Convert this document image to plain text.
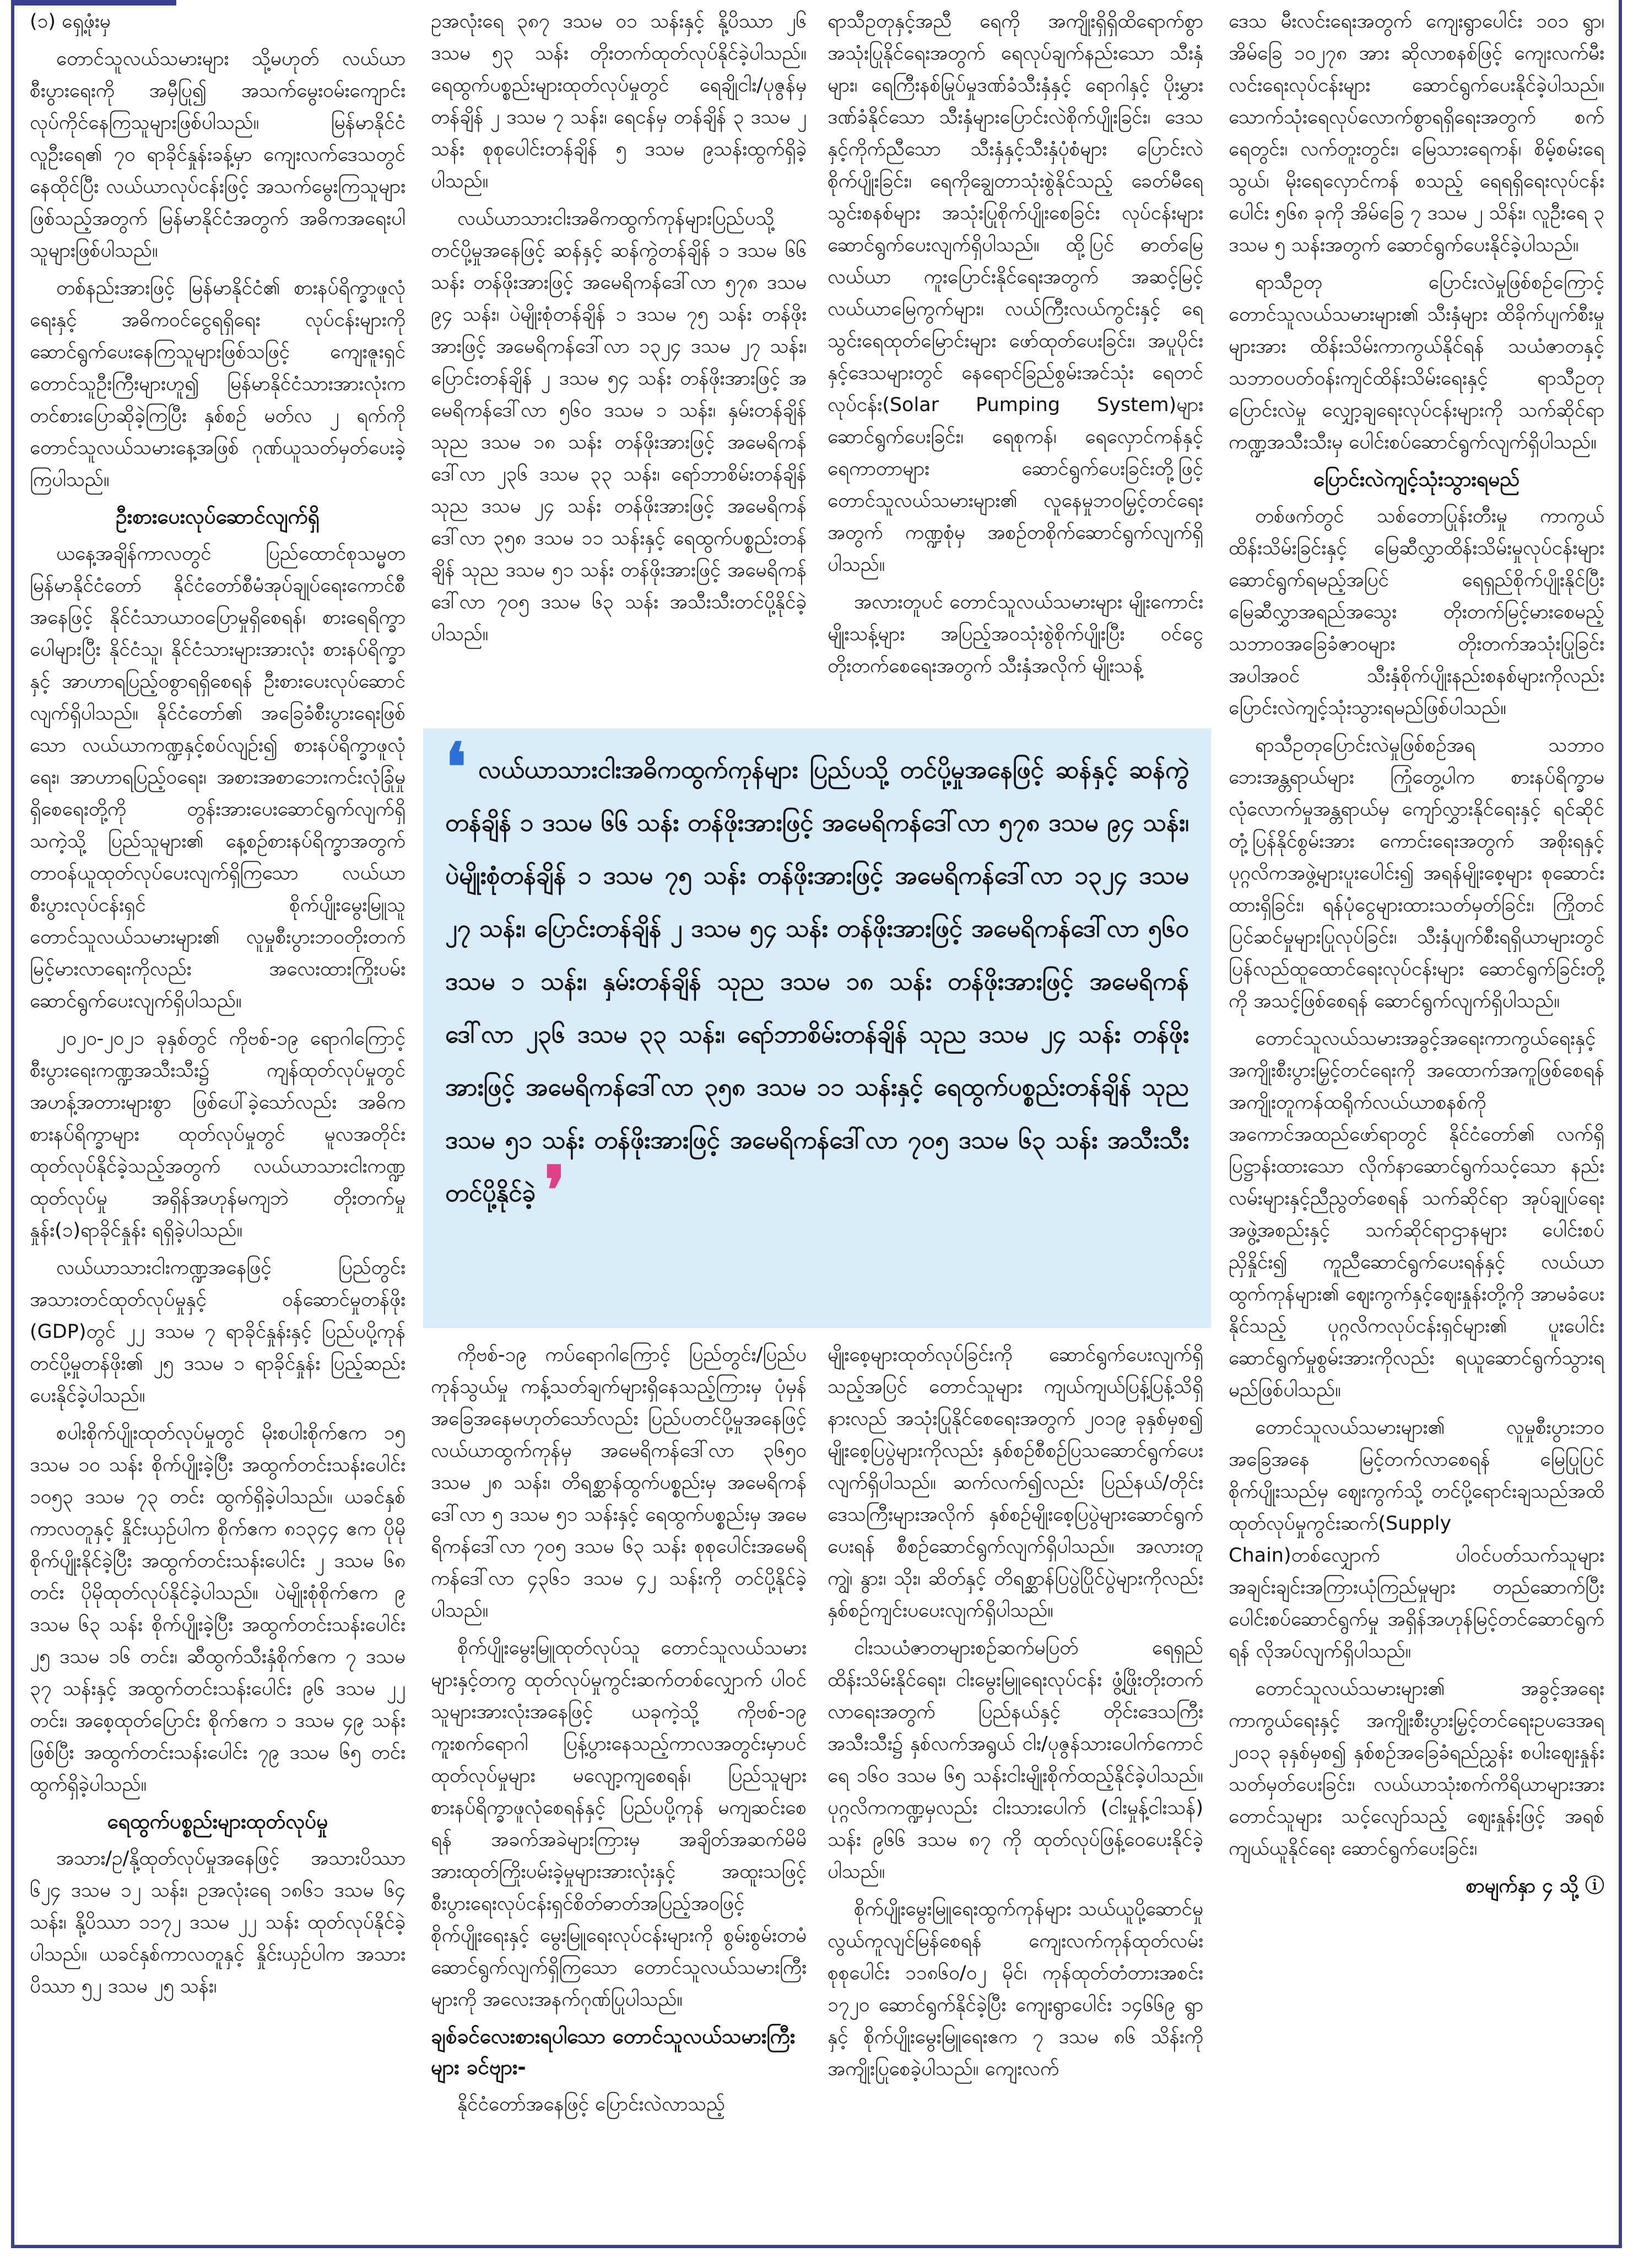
(၁) ရှေ့ဖုံးမှ

တောင်သူလယ်သမားများ သို့မဟုတ် လယ်ယာစီးပွားရေးကို အမှီပြု၍ အသက်မွေးဝမ်းကျောင်းလုပ်ကိုင်နေကြသူများဖြစ်ပါသည်။ မြန်မာနိုင်ငံလူဦးရေ၏ ၇၀ ရာခိုင်နှုန်းခန့်မှာ ကျေးလက်ဒေသတွင် နေထိုင်ပြီး လယ်ယာလုပ်ငန်းဖြင့် အသက်မွေးကြသူများဖြစ်သည့်အတွက် မြန်မာနိုင်ငံအတွက် အဓိကအရေးပါသူများဖြစ်ပါသည်။

တစ်နည်းအားဖြင့် မြန်မာနိုင်ငံ၏ စားနပ်ရိက္ခာဖူလုံရေးနှင့် အဓိကဝင်ငွေရရှိရေး လုပ်ငန်းများကို ဆောင်ရွက်ပေးနေကြသူများဖြစ်သဖြင့် ကျေးဇူးရှင် တောင်သူဦးကြီးများဟူ၍ မြန်မာနိုင်ငံသားအားလုံးက တင်စားပြောဆိုခဲ့ကြပြီး နှစ်စဉ် မတ်လ ၂ ရက်ကို တောင်သူလယ်သမားနေ့အဖြစ် ဂုဏ်ယူသတ်မှတ်ပေးခဲ့ကြပါသည်။

ဦးစားပေးလုပ်ဆောင်လျက်ရှိ

ယနေ့အချိန်ကာလတွင် ပြည်ထောင်စုသမ္မတမြန်မာနိုင်ငံတော် နိုင်ငံတော်စီမံအုပ်ချုပ်ရေးကောင်စီအနေဖြင့် နိုင်ငံသာယာဝပြောမှုရှိစေရန်၊ စားရေရိက္ခာပေါများပြီး နိုင်ငံသူ၊ နိုင်ငံသားများအားလုံး စားနပ်ရိက္ခာနှင့် အာဟာရပြည့်ဝစွာရရှိစေရန် ဦးစားပေးလုပ်ဆောင်လျက်ရှိပါသည်။ နိုင်ငံတော်၏ အခြေခံစီးပွားရေးဖြစ်သော လယ်ယာကဏ္ဍနှင့်စပ်လျဉ်း၍ စားနပ်ရိက္ခာဖူလုံရေး၊ အာဟာရပြည့်ဝရေး၊ အစားအစာဘေးကင်းလုံခြုံမှုရှိစေရေးတို့ကို တွန်းအားပေးဆောင်ရွက်လျက်ရှိသကဲ့သို့ ပြည်သူများ၏ နေ့စဉ်စားနပ်ရိက္ခာအတွက် တာဝန်ယူထုတ်လုပ်ပေးလျက်ရှိကြသော လယ်ယာစီးပွားလုပ်ငန်းရှင် စိုက်ပျိုးမွေးမြူသူ တောင်သူလယ်သမားများ၏ လူမှုစီးပွားဘဝတိုးတက်မြင့်မားလာရေးကိုလည်း အလေးထားကြိုးပမ်းဆောင်ရွက်ပေးလျက်ရှိပါသည်။

၂၀၂၀-၂၀၂၁ ခုနှစ်တွင် ကိုဗစ်-၁၉ ရောဂါကြောင့် စီးပွားရေးကဏ္ဍအသီးသီး၌ ကျန်ထုတ်လုပ်မှုတွင် အဟန့်အတားများစွာ ဖြစ်ပေါ်ခဲ့သော်လည်း အဓိကစားနပ်ရိက္ခာများ ထုတ်လုပ်မှုတွင် မူလအတိုင်း ထုတ်လုပ်နိုင်ခဲ့သည့်အတွက် လယ်ယာသားငါးကဏ္ဍထုတ်လုပ်မှု အရှိန်အဟုန်မကျဘဲ တိုးတက်မှုနှုန်း(၁)ရာခိုင်နှုန်း ရရှိခဲ့ပါသည်။

လယ်ယာသားငါးကဏ္ဍအနေဖြင့် ပြည်တွင်းအသားတင်ထုတ်လုပ်မှုနှင့် ဝန်ဆောင်မှုတန်ဖိုး (GDP)တွင် ၂၂ ဒသမ ၇ ရာခိုင်နှုန်းနှင့် ပြည်ပပို့ကုန်တင်ပို့မှုတန်ဖိုး၏ ၂၅ ဒသမ ၁ ရာခိုင်နှုန်း ပြည့်ဆည်းပေးနိုင်ခဲ့ပါသည်။

စပါးစိုက်ပျိုးထုတ်လုပ်မှုတွင် မိုးစပါးစိုက်ဧက ၁၅ ဒသမ ၁၀ သန်း စိုက်ပျိုးခဲ့ပြီး အထွက်တင်းသန်းပေါင်း ၁၀၅၃ ဒသမ ၇၃ တင်း ထွက်ရှိခဲ့ပါသည်။ ယခင်နှစ်ကာလတူနှင့် နှိုင်းယှဉ်ပါက စိုက်ဧက ၈၁၃၄၄ ဧက ပိုမိုစိုက်ပျိုးနိုင်ခဲ့ပြီး အထွက်တင်းသန်းပေါင်း ၂ ဒသမ ၆၈ တင်း ပိုမိုထုတ်လုပ်နိုင်ခဲ့ပါသည်။ ပဲမျိုးစုံစိုက်ဧက ၉ ဒသမ ၆၃ သန်း စိုက်ပျိုးခဲ့ပြီး အထွက်တင်းသန်းပေါင်း ၂၅ ဒသမ ၁၆ တင်း၊ ဆီထွက်သီးနှံစိုက်ဧက ၇ ဒသမ ၃၇ သန်းနှင့် အထွက်တင်းသန်းပေါင်း ၉၆ ဒသမ ၂၂ တင်း၊ အစေ့ထုတ်ပြောင်း စိုက်ဧက ၁ ဒသမ ၄၉ သန်းဖြစ်ပြီး အထွက်တင်းသန်းပေါင်း ၇၉ ဒသမ ၆၅ တင်းထွက်ရှိခဲ့ပါသည်။

ရေထွက်ပစ္စည်းများထုတ်လုပ်မှု

အသား/ဥ/နို့ထုတ်လုပ်မှုအနေဖြင့် အသားပိဿာ ၆၂၄ ဒသမ ၁၂ သန်း၊ ဥအလုံးရေ ၁၈၆၁ ဒသမ ၆၄ သန်း၊ နို့ပိဿာ ၁၁၇၂ ဒသမ ၂၂ သန်း ထုတ်လုပ်နိုင်ခဲ့ပါသည်။ ယခင်နှစ်ကာလတူနှင့် နှိုင်းယှဉ်ပါက အသားပိဿာ ၅၂ ဒသမ ၂၅ သန်း၊

ဥအလုံးရေ ၃၈၇ ဒသမ ၀၁ သန်းနှင့် နို့ပိဿာ ၂၆ ဒသမ ၅၃ သန်း တိုးတက်ထုတ်လုပ်နိုင်ခဲ့ပါသည်။ ရေထွက်ပစ္စည်းများထုတ်လုပ်မှုတွင် ရေချိုငါး/ပုဇွန်မှ တန်ချိန် ၂ ဒသမ ၇ သန်း၊ ရေငန်မှ တန်ချိန် ၃ ဒသမ ၂ သန်း စုစုပေါင်းတန်ချိန် ၅ ဒသမ ၉သန်းထွက်ရှိခဲ့ပါသည်။

လယ်ယာသားငါးအဓိကထွက်ကုန်များပြည်ပသို့ တင်ပို့မှုအနေဖြင့် ဆန်နှင့် ဆန်ကွဲတန်ချိန် ၁ ဒသမ ၆၆ သန်း တန်ဖိုးအားဖြင့် အမေရိကန်ဒေါ်လာ ၅၇၈ ဒသမ ၉၄ သန်း၊ ပဲမျိုးစုံတန်ချိန် ၁ ဒသမ ၇၅ သန်း တန်ဖိုးအားဖြင့် အမေရိကန်ဒေါ်လာ ၁၃၂၄ ဒသမ ၂၇ သန်း၊ ပြောင်းတန်ချိန် ၂ ဒသမ ၅၄ သန်း တန်ဖိုးအားဖြင့် အမေရိကန်ဒေါ်လာ ၅၆၀ ဒသမ ၁ သန်း၊ နှမ်းတန်ချိန် သုည ဒသမ ၁၈ သန်း တန်ဖိုးအားဖြင့် အမေရိကန်ဒေါ်လာ ၂၃၆ ဒသမ ၃၃ သန်း၊ ရော်ဘာစိမ်းတန်ချိန် သုည ဒသမ ၂၄ သန်း တန်ဖိုးအားဖြင့် အမေရိကန်ဒေါ်လာ ၃၅၈ ဒသမ ၁၁ သန်းနှင့် ရေထွက်ပစ္စည်းတန်ချိန် သုည ဒသမ ၅၁ သန်း တန်ဖိုးအားဖြင့် အမေရိကန်ဒေါ်လာ ၇၀၅ ဒသမ ၆၃ သန်း အသီးသီးတင်ပို့နိုင်ခဲ့ပါသည်။

ရာသီဥတုနှင့်အညီ ရေကို အကျိုးရှိရှိထိရောက်စွာ အသုံးပြုနိုင်ရေးအတွက် ရေလုပ်ချက်နည်းသော သီးနှံများ၊ ရေကြီးနစ်မြုပ်မှုဒဏ်ခံသီးနှံနှင့် ရောဂါနှင့် ပိုးမွှားဒဏ်ခံနိုင်သော သီးနှံများပြောင်းလဲစိုက်ပျိုးခြင်း၊ ဒေသနှင့်ကိုက်ညီသော သီးနှံနှင့်သီးနှံပုံစံများ ပြောင်းလဲစိုက်ပျိုးခြင်း၊ ရေကိုချွေတာသုံးစွဲနိုင်သည့် ခေတ်မီရေသွင်းစနစ်များ အသုံးပြုစိုက်ပျိုးစေခြင်း လုပ်ငန်းများ ဆောင်ရွက်ပေးလျက်ရှိပါသည်။ ထို့ပြင် ဓာတ်မြေလယ်ယာ ကူးပြောင်းနိုင်ရေးအတွက် အဆင့်မြင့်လယ်ယာမြေကွက်များ၊ လယ်ကြီးလယ်ကွင်းနှင့် ရေသွင်းရေထုတ်မြောင်းများ ဖော်ထုတ်ပေးခြင်း၊ အပူပိုင်းနှင့်ဒေသများတွင် နေရောင်ခြည်စွမ်းအင်သုံး ရေတင်လုပ်ငန်း(Solar Pumping System)များ ဆောင်ရွက်ပေးခြင်း၊ ရေစုကန်၊ ရေလှောင်ကန်နှင့် ရေကာတာများ ဆောင်ရွက်ပေးခြင်းတို့ဖြင့် တောင်သူလယ်သမားများ၏ လူနေမှုဘဝမြှင့်တင်ရေးအတွက် ကဏ္ဍစုံမှ အစဉ်တစိုက်ဆောင်ရွက်လျက်ရှိပါသည်။

အလားတူပင် တောင်သူလယ်သမားများ မျိုးကောင်းမျိုးသန့်များ အပြည့်အဝသုံးစွဲစိုက်ပျိုးပြီး ဝင်ငွေတိုးတက်စေရေးအတွက် သီးနှံအလိုက် မျိုးသန့်

❛ လယ်ယာသားငါးအဓိကထွက်ကုန်များ ပြည်ပသို့ တင်ပို့မှုအနေဖြင့် ဆန်နှင့် ဆန်ကွဲတန်ချိန် ၁ ဒသမ ၆၆ သန်း တန်ဖိုးအားဖြင့် အမေရိကန်ဒေါ်လာ ၅၇၈ ဒသမ ၉၄ သန်း၊ ပဲမျိုးစုံတန်ချိန် ၁ ဒသမ ၇၅ သန်း တန်ဖိုးအားဖြင့် အမေရိကန်ဒေါ်လာ ၁၃၂၄ ဒသမ ၂၇ သန်း၊ ပြောင်းတန်ချိန် ၂ ဒသမ ၅၄ သန်း တန်ဖိုးအားဖြင့် အမေရိကန်ဒေါ်လာ ၅၆၀ ဒသမ ၁ သန်း၊ နှမ်းတန်ချိန် သုည ဒသမ ၁၈ သန်း တန်ဖိုးအားဖြင့် အမေရိကန်ဒေါ်လာ ၂၃၆ ဒသမ ၃၃ သန်း၊ ရော်ဘာစိမ်းတန်ချိန် သုည ဒသမ ၂၄ သန်း တန်ဖိုးအားဖြင့် အမေရိကန်ဒေါ်လာ ၃၅၈ ဒသမ ၁၁ သန်းနှင့် ရေထွက်ပစ္စည်းတန်ချိန် သုည ဒသမ ၅၁ သန်း တန်ဖိုးအားဖြင့် အမေရိကန်ဒေါ်လာ ၇၀၅ ဒသမ ၆၃ သန်း အသီးသီးတင်ပို့နိုင်ခဲ့ ❜

ကိုဗစ်-၁၉ ကပ်ရောဂါကြောင့် ပြည်တွင်း/ပြည်ပကုန်သွယ်မှု ကန့်သတ်ချက်များရှိနေသည့်ကြားမှ ပုံမှန်အခြေအနေမဟုတ်သော်လည်း ပြည်ပတင်ပို့မှုအနေဖြင့် လယ်ယာထွက်ကုန်မှ အမေရိကန်ဒေါ်လာ ၃၆၅၀ ဒသမ ၂၈ သန်း၊ တိရစ္ဆာန်ထွက်ပစ္စည်းမှ အမေရိကန်ဒေါ်လာ ၅ ဒသမ ၅၁ သန်းနှင့် ရေထွက်ပစ္စည်းမှ အမေရိကန်ဒေါ်လာ ၇၀၅ ဒသမ ၆၃ သန်း စုစုပေါင်းအမေရိကန်ဒေါ်လာ ၄၃၆၁ ဒသမ ၄၂ သန်းကို တင်ပို့နိုင်ခဲ့ပါသည်။

စိုက်ပျိုးမွေးမြူထုတ်လုပ်သူ တောင်သူလယ်သမားများနှင့်တကွ ထုတ်လုပ်မှုကွင်းဆက်တစ်လျှောက် ပါဝင်သူများအားလုံးအနေဖြင့် ယခုကဲ့သို့ ကိုဗစ်-၁၉ ကူးစက်ရောဂါ ပြန့်ပွားနေသည့်ကာလအတွင်းမှာပင် ထုတ်လုပ်မှုများ မလျော့ကျစေရန်၊ ပြည်သူများစားနပ်ရိက္ခာဖူလုံစေရန်နှင့် ပြည်ပပို့ကုန် မကျဆင်းစေရန် အခက်အခဲများကြားမှ အချိတ်အဆက်မိမိ အားထုတ်ကြိုးပမ်းခဲ့မှုများအားလုံးနှင့် အထူးသဖြင့် စီးပွားရေးလုပ်ငန်းရှင်စိတ်ဓာတ်အပြည့်အဝဖြင့် စိုက်ပျိုးရေးနှင့် မွေးမြူရေးလုပ်ငန်းများကို စွမ်းစွမ်းတမံဆောင်ရွက်လျက်ရှိကြသော တောင်သူလယ်သမားကြီးများကို အလေးအနက်ဂုဏ်ပြုပါသည်။

ချစ်ခင်လေးစားရပါသော တောင်သူလယ်သမားကြီးများ ခင်ဗျား-

နိုင်ငံတော်အနေဖြင့် ပြောင်းလဲလာသည့်

မျိုးစေ့များထုတ်လုပ်ခြင်းကို ဆောင်ရွက်ပေးလျက်ရှိသည့်အပြင် တောင်သူများ ကျယ်ကျယ်ပြန့်ပြန့်သိရှိနားလည် အသုံးပြုနိုင်စေရေးအတွက် ၂၀၁၉ ခုနှစ်မှစ၍ မျိုးစေ့ပြပွဲများကိုလည်း နှစ်စဉ်စီစဉ်ပြသဆောင်ရွက်ပေးလျက်ရှိပါသည်။ ဆက်လက်၍လည်း ပြည်နယ်/တိုင်းဒေသကြီးများအလိုက် နှစ်စဉ်မျိုးစေ့ပြပွဲများဆောင်ရွက်ပေးရန် စီစဉ်ဆောင်ရွက်လျက်ရှိပါသည်။ အလားတူ ကျွဲ၊ နွား၊ သိုး၊ ဆိတ်နှင့် တိရစ္ဆာန်ပြပွဲပြိုင်ပွဲများကိုလည်း နှစ်စဉ်ကျင်းပပေးလျက်ရှိပါသည်။

ငါးသယံဇာတများစဉ်ဆက်မပြတ် ရေရှည်ထိန်းသိမ်းနိုင်ရေး၊ ငါးမွေးမြူရေးလုပ်ငန်း ဖွံ့ဖြိုးတိုးတက်လာရေးအတွက် ပြည်နယ်နှင့် တိုင်းဒေသကြီးအသီးသီး၌ နှစ်လက်အရွယ် ငါး/ပုဇွန်သားပေါက်ကောင်ရေ ၁၆၀ ဒသမ ၆၅ သန်းငါးမျိုးစိုက်ထည့်နိုင်ခဲ့ပါသည်။ ပုဂ္ဂလိကကဏ္ဍမှလည်း ငါးသားပေါက် (ငါးမှုန့်ငါးသန်) သန်း ၉၆၆ ဒသမ ၈၇ ကို ထုတ်လုပ်ဖြန့်ဝေပေးနိုင်ခဲ့ပါသည်။

စိုက်ပျိုးမွေးမြူရေးထွက်ကုန်များ သယ်ယူပို့ဆောင်မှု လွယ်ကူလျင်မြန်စေရန် ကျေးလက်ကုန်ထုတ်လမ်းစုစုပေါင်း ၁၁၈၆၀/၀၂ မိုင်၊ ကုန်ထုတ်တံတားအစင်း ၁၇၂၀ ဆောင်ရွက်နိုင်ခဲ့ပြီး ကျေးရွာပေါင်း ၁၄၆၆၉ ရွာနှင့် စိုက်ပျိုးမွေးမြူရေးဧက ၇ ဒသမ ၈၆ သိန်းကို အကျိုးပြုစေခဲ့ပါသည်။ ကျေးလက်

ဒေသ မီးလင်းရေးအတွက် ကျေးရွာပေါင်း ၁၀၁ ရွာ၊ အိမ်ခြေ ၁၀၂၇၈ အား ဆိုလာစနစ်ဖြင့် ကျေးလက်မီးလင်းရေးလုပ်ငန်းများ ဆောင်ရွက်ပေးနိုင်ခဲ့ပါသည်။ သောက်သုံးရေလုပ်လောက်စွာရရှိရေးအတွက် စက်ရေတွင်း၊ လက်တူးတွင်း၊ မြေသားရေကန်၊ စိမ့်စမ်းရေသွယ်၊ မိုးရေလှောင်ကန် စသည့် ရေရရှိရေးလုပ်ငန်းပေါင်း ၅၆၈ ခုကို အိမ်ခြေ ၇ ဒသမ ၂ သိန်း၊ လူဦးရေ ၃ ဒသမ ၅ သန်းအတွက် ဆောင်ရွက်ပေးနိုင်ခဲ့ပါသည်။

ရာသီဥတု ပြောင်းလဲမှုဖြစ်စဉ်ကြောင့် တောင်သူလယ်သမားများ၏ သီးနှံများ ထိခိုက်ပျက်စီးမှုများအား ထိန်းသိမ်းကာကွယ်နိုင်ရန် သယံဇာတနှင့် သဘာဝပတ်ဝန်းကျင်ထိန်းသိမ်းရေးနှင့် ရာသီဥတုပြောင်းလဲမှု လျှော့ချရေးလုပ်ငန်းများကို သက်ဆိုင်ရာကဏ္ဍအသီးသီးမှ ပေါင်းစပ်ဆောင်ရွက်လျက်ရှိပါသည်။

ပြောင်းလဲကျင့်သုံးသွားရမည်

တစ်ဖက်တွင် သစ်တောပြုန်းတီးမှု ကာကွယ်ထိန်းသိမ်းခြင်းနှင့် မြေဆီလွှာထိန်းသိမ်းမှုလုပ်ငန်းများ ဆောင်ရွက်ရမည့်အပြင် ရေရှည်စိုက်ပျိုးနိုင်ပြီး မြေဆီလွှာအရည်အသွေး တိုးတက်မြင့်မားစေမည့် သဘာဝအခြေခံဇာဝများ တိုးတက်အသုံးပြုခြင်း အပါအဝင် သီးနှံစိုက်ပျိုးနည်းစနစ်များကိုလည်း ပြောင်းလဲကျင့်သုံးသွားရမည်ဖြစ်ပါသည်။

ရာသီဥတုပြောင်းလဲမှုဖြစ်စဉ်အရ သဘာဝဘေးအန္တရာယ်များ ကြုံတွေ့ပါက စားနပ်ရိက္ခာမလုံလောက်မှုအန္တရာယ်မှ ကျော်လွှားနိုင်ရေးနှင့် ရင်ဆိုင်တုံ့ပြန်နိုင်စွမ်းအား ကောင်းရေးအတွက် အစိုးရနှင့် ပုဂ္ဂလိကအဖွဲ့များပူးပေါင်း၍ အရန်မျိုးစေ့များ စုဆောင်းထားရှိခြင်း၊ ရန်ပုံငွေများထားသတ်မှတ်ခြင်း၊ ကြိုတင်ပြင်ဆင်မှုများပြုလုပ်ခြင်း၊ သီးနှံပျက်စီးရရှိယာများတွင် ပြန်လည်ထူထောင်ရေးလုပ်ငန်းများ ဆောင်ရွက်ခြင်းတို့ကို အသင့်ဖြစ်စေရန် ဆောင်ရွက်လျက်ရှိပါသည်။

တောင်သူလယ်သမားအခွင့်အရေးကာကွယ်ရေးနှင့် အကျိုးစီးပွားမြှင့်တင်ရေးကို အထောက်အကူဖြစ်စေရန် အကျိုးတူကန်ထရိုက်လယ်ယာစနစ်ကို အကောင်အထည်ဖော်ရာတွင် နိုင်ငံတော်၏ လက်ရှိပြဋ္ဌာန်းထားသော လိုက်နာဆောင်ရွက်သင့်သော နည်းလမ်းများနှင့်ညီညွတ်စေရန် သက်ဆိုင်ရာ အုပ်ချုပ်ရေးအဖွဲ့အစည်းနှင့် သက်ဆိုင်ရာဌာနများ ပေါင်းစပ်ညှိနှိုင်း၍ ကူညီဆောင်ရွက်ပေးရန်နှင့် လယ်ယာထွက်ကုန်များ၏ ဈေးကွက်နှင့်ဈေးနှုန်းတို့ကို အာမခံပေးနိုင်သည့် ပုဂ္ဂလိကလုပ်ငန်းရှင်များ၏ ပူးပေါင်းဆောင်ရွက်မှုစွမ်းအားကိုလည်း ရယူဆောင်ရွက်သွားရမည်ဖြစ်ပါသည်။

တောင်သူလယ်သမားများ၏ လူမှုစီးပွားဘဝအခြေအနေ မြင့်တက်လာစေရန် မြေပြုပြင်စိုက်ပျိုးသည်မှ ဈေးကွက်သို့ တင်ပို့ရောင်းချသည်အထိ ထုတ်လုပ်မှုကွင်းဆက်(Supply Chain)တစ်လျှောက် ပါဝင်ပတ်သက်သူများ အချင်းချင်းအကြားယုံကြည်မှုများ တည်ဆောက်ပြီး ပေါင်းစပ်ဆောင်ရွက်မှု အရှိန်အဟုန်မြင့်တင်ဆောင်ရွက်ရန် လိုအပ်လျက်ရှိပါသည်။

တောင်သူလယ်သမားများ၏ အခွင့်အရေးကာကွယ်ရေးနှင့် အကျိုးစီးပွားမြှင့်တင်ရေးဥပဒေအရ ၂၀၁၃ ခုနှစ်မှစ၍ နှစ်စဉ်အခြေခံရည်ညွှန်း စပါးဈေးနှုန်းသတ်မှတ်ပေးခြင်း၊ လယ်ယာသုံးစက်ကိရိယာများအား တောင်သူများ သင့်လျော်သည့် ဈေးနှုန်းဖြင့် အရစ်ကျယ်ယူနိုင်ရေး ဆောင်ရွက်ပေးခြင်း၊

စာမျက်နှာ ၄ သို့ ⓘ
